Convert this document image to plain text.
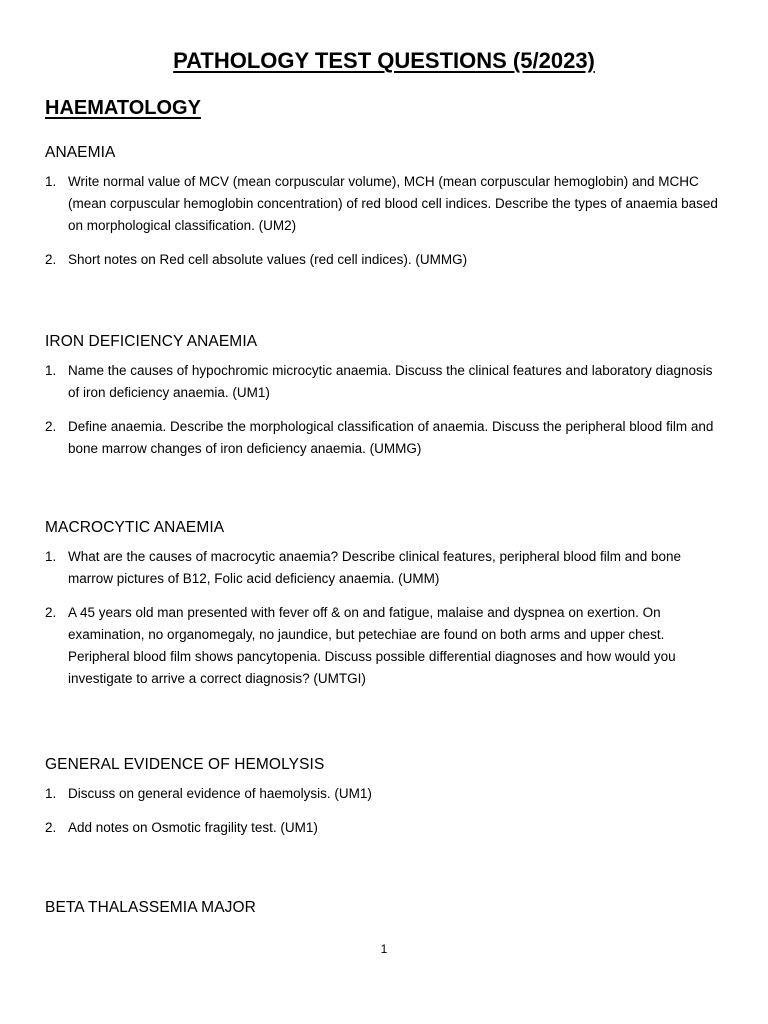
PATHOLOGY TEST QUESTIONS (5/2023)
HAEMATOLOGY
ANAEMIA
1. Write normal value of MCV (mean corpuscular volume), MCH (mean corpuscular hemoglobin) and MCHC (mean corpuscular hemoglobin concentration) of red blood cell indices. Describe the types of anaemia based on morphological classification. (UM2)
2. Short notes on Red cell absolute values (red cell indices). (UMMG)
IRON DEFICIENCY ANAEMIA
1. Name the causes of hypochromic microcytic anaemia. Discuss the clinical features and laboratory diagnosis of iron deficiency anaemia. (UM1)
2. Define anaemia. Describe the morphological classification of anaemia. Discuss the peripheral blood film and bone marrow changes of iron deficiency anaemia. (UMMG)
MACROCYTIC ANAEMIA
1. What are the causes of macrocytic anaemia? Describe clinical features, peripheral blood film and bone marrow pictures of B12, Folic acid deficiency anaemia. (UMM)
2. A 45 years old man presented with fever off & on and fatigue, malaise and dyspnea on exertion. On examination, no organomegaly, no jaundice, but petechiae are found on both arms and upper chest. Peripheral blood film shows pancytopenia. Discuss possible differential diagnoses and how would you investigate to arrive a correct diagnosis? (UMTGI)
GENERAL EVIDENCE OF HEMOLYSIS
1. Discuss on general evidence of haemolysis. (UM1)
2. Add notes on Osmotic fragility test. (UM1)
BETA THALASSEMIA MAJOR
1
